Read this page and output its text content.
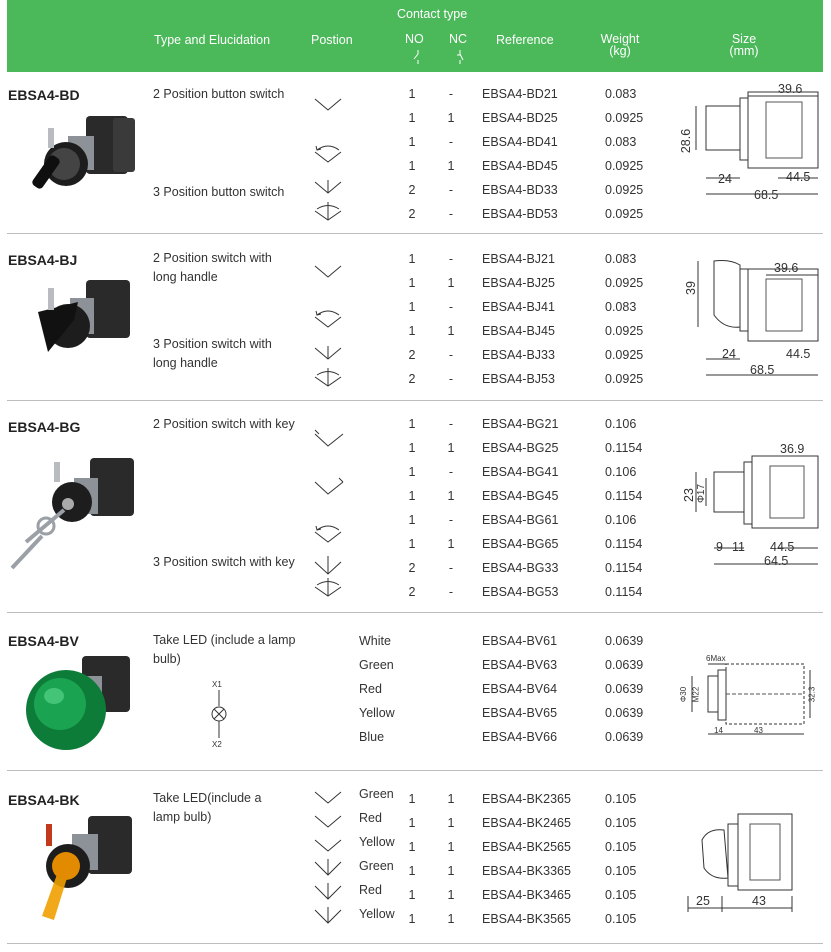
Contact type
Type and Elucidation	Postion	NO NC Reference	Weight
(kg)
Size
(mm)
EBSA4-BD	2 Position button switch
3 Position button switch
1	-	EBSA4-BD21	0.083
1	1 EBSA4-BD25	0.0925
1	-	EBSA4-BD41	0.083
1	1 EBSA4-BD45	0.0925
2	-	EBSA4-BD33	0.0925
2	-	EBSA4-BD53	0.0925
39.6
28.6
24	44.5
68.5
EBSA4-BJ	2 Position switch with long handle
3 Position switch with long handle
1	-	EBSA4-BJ21	0.083
1	1 EBSA4-BJ25	0.0925
1	-	EBSA4-BJ41	0.083
1	1 EBSA4-BJ45	0.0925
2	-	EBSA4-BJ33	0.0925
2	-	EBSA4-BJ53	0.0925
39.6
39
24	44.5
68.5
EBSA4-BG	2 Position switch with key
3 Position switch with key
1	-	EBSA4-BG21	0.106
1	1 EBSA4-BG25	0.1154
1	-	EBSA4-BG41	0.106
1	1 EBSA4-BG45	0.1154
1	-	EBSA4-BG61	0.106
1	1 EBSA4-BG65	0.1154
2	-	EBSA4-BG33	0.1154
2	-	EBSA4-BG53	0.1154
36.9
23 Φ17
9 11 44.5
64.5
EBSA4-BV	Take LED (include a lamp bulb)
X1
X2
White	EBSA4-BV61	0.0639
Green	EBSA4-BV63	0.0639
Red	EBSA4-BV64	0.0639
Yellow	EBSA4-BV65	0.0639
Blue	EBSA4-BV66	0.0639
6Max
Φ30 M22	32.3
14	43
EBSA4-BK	Take LED(include a lamp bulb)
Green 1	1 EBSA4-BK2365	0.105
Red 1	1 EBSA4-BK2465	0.105
Yellow 1	1 EBSA4-BK2565	0.105
Green 1	1 EBSA4-BK3365	0.105
Red 1	1 EBSA4-BK3465	0.105
Yellow 1	1 EBSA4-BK3565	0.105
25	43
